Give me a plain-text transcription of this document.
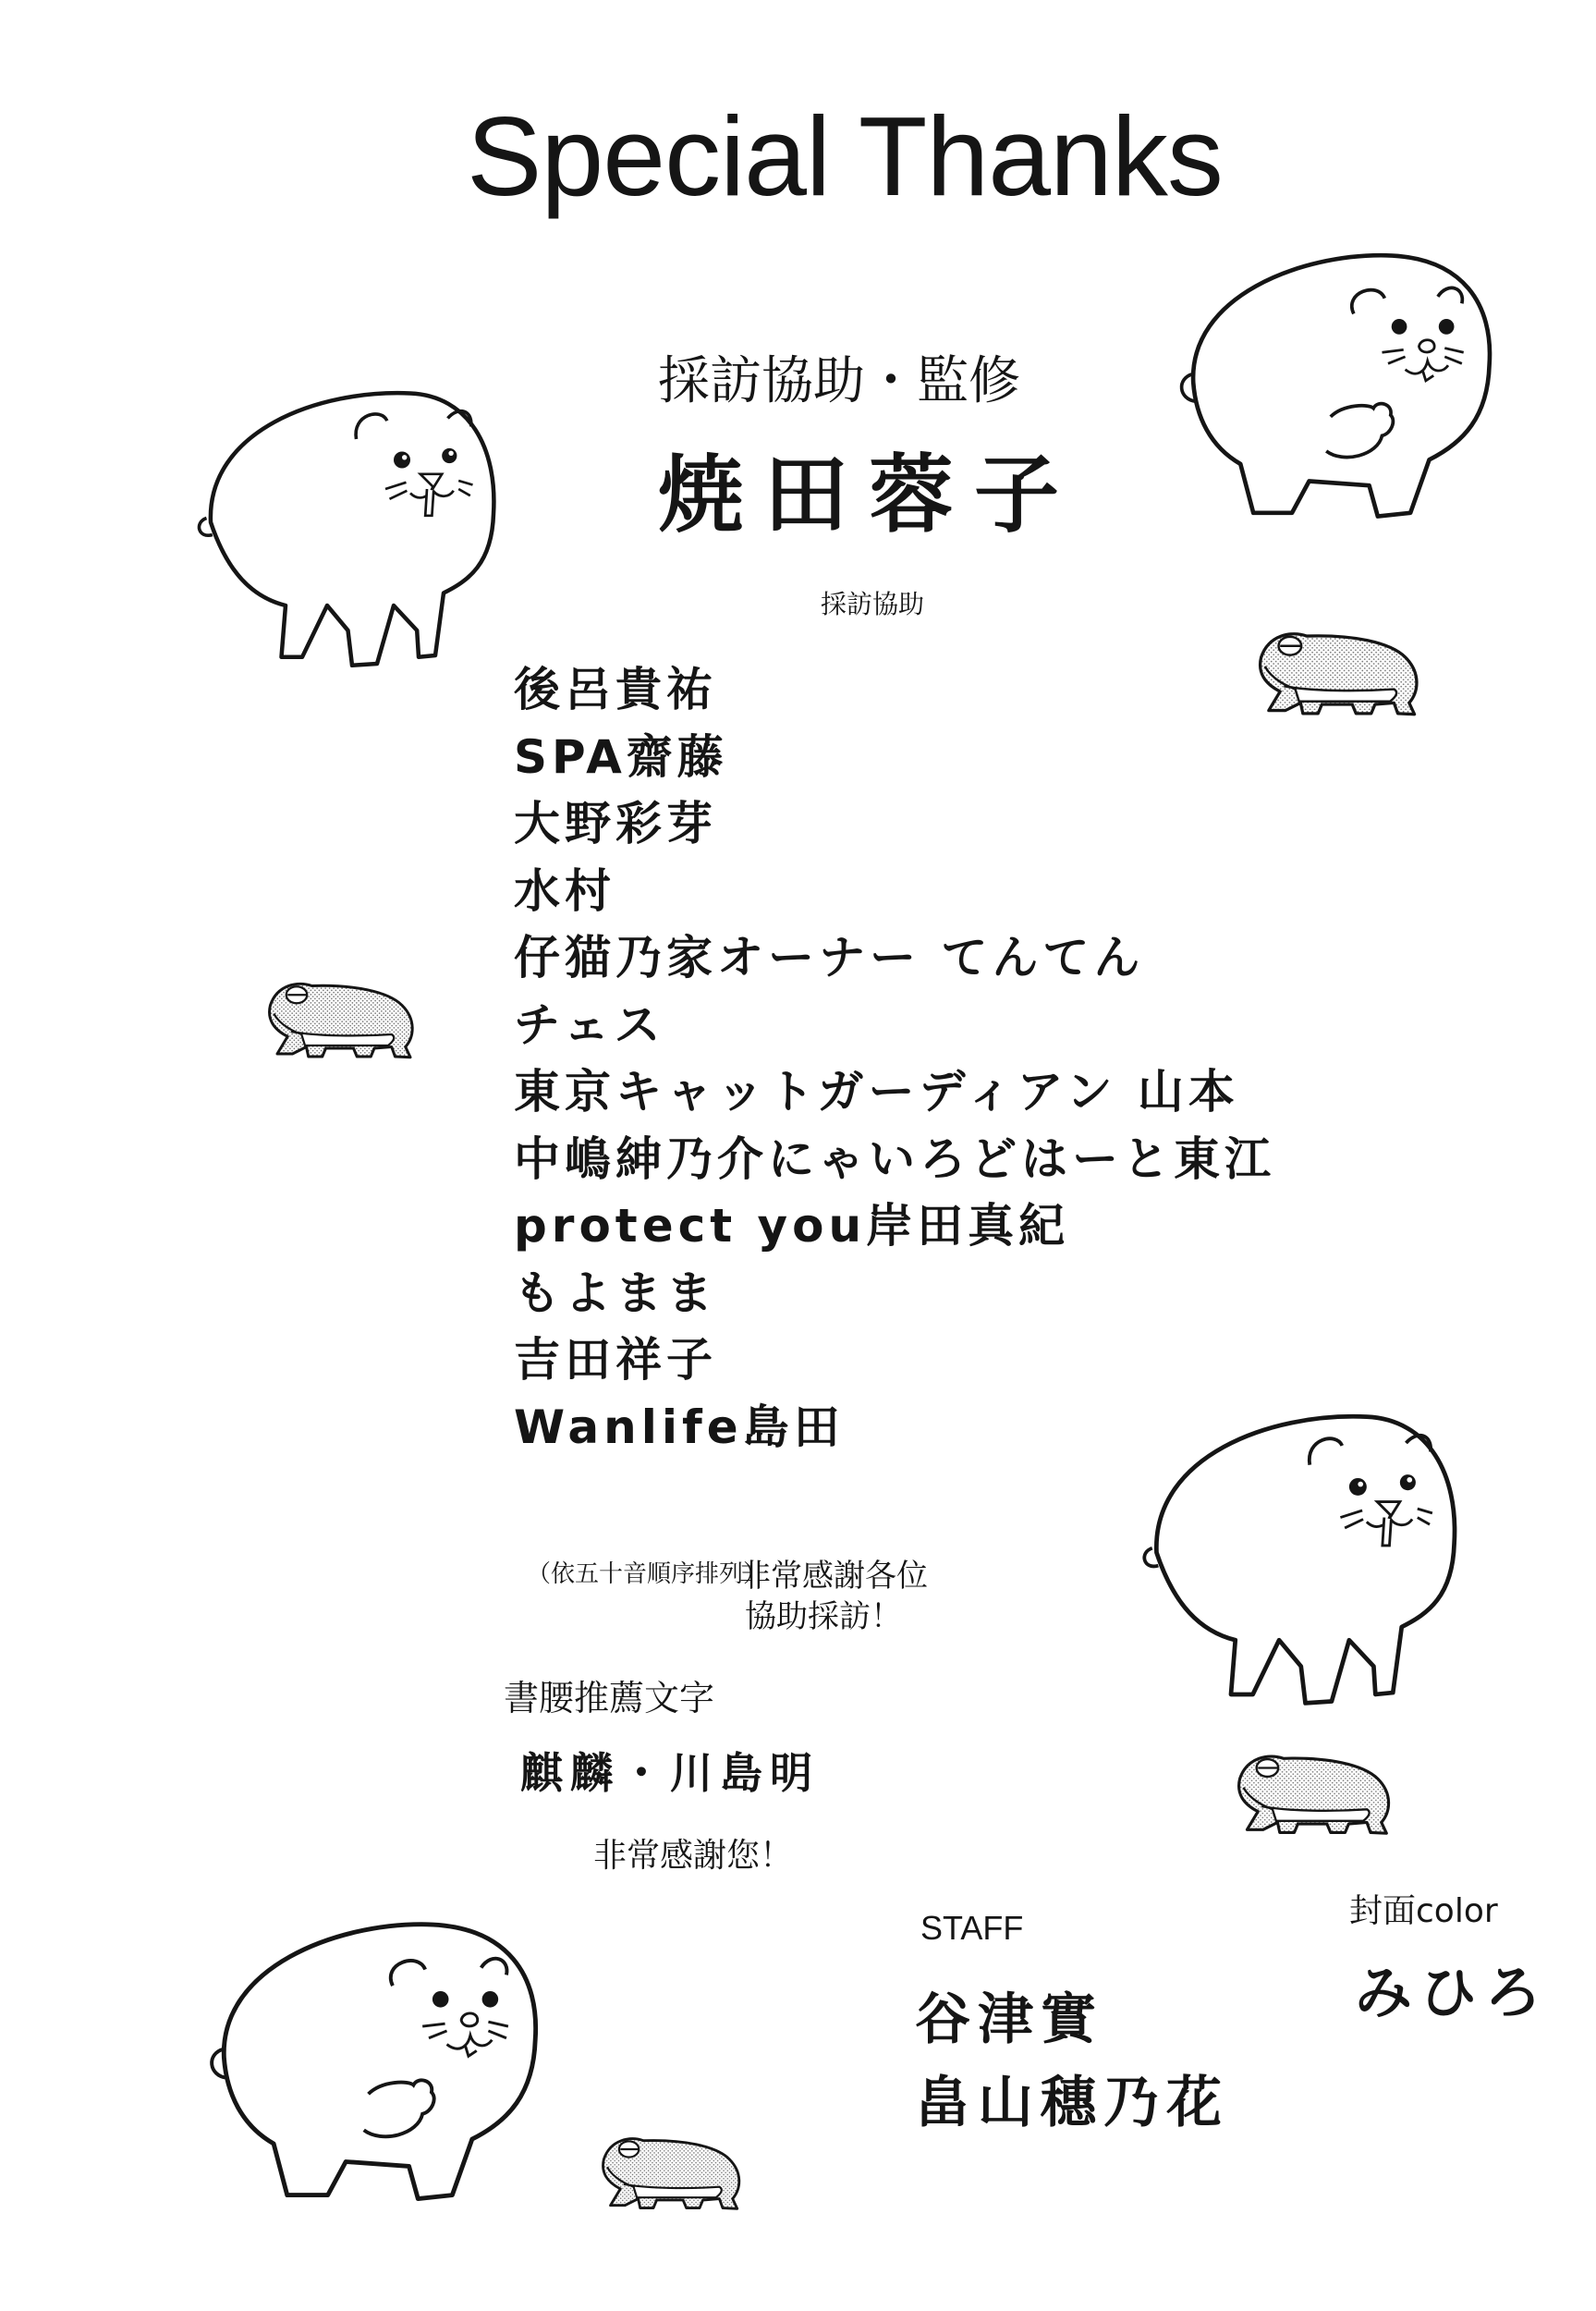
Special Thanks
採訪協助・監修
焼田蓉子
採訪協助
後呂貴祐
SPA齋藤
大野彩芽
水村
仔猫乃家オーナー てんてん
チェス
東京キャットガーディアン 山本
中嶋紳乃介にゃいろどはーと東江
protect you岸田真紀
もよまま
吉田祥子
Wanlife島田
（依五十音順序排列）
非常感謝各位
協助採訪！
書腰推薦文字
麒麟・川島明
非常感謝您！
STAFF
谷津實
畠山穗乃花
封面color
みひろ
